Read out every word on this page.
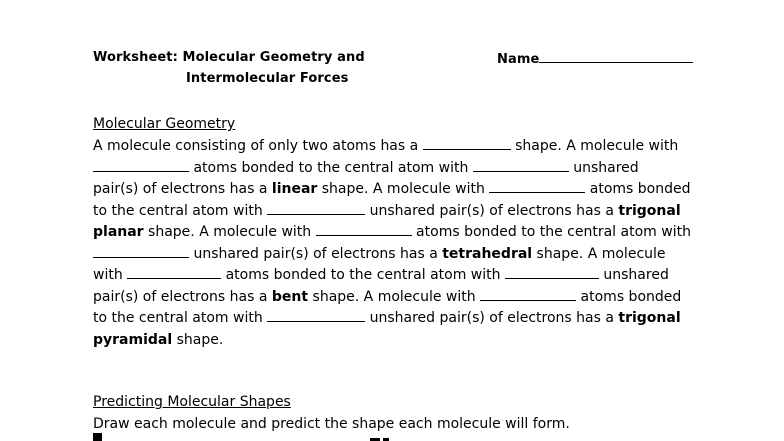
Worksheet: Molecular Geometry and
Intermolecular Forces
Name
Molecular Geometry
A molecule consisting of only two atoms has a	shape. A molecule with
atoms bonded to the central atom with	unshared
pair(s) of electrons has a linear shape. A molecule with	atoms bonded
to the central atom with	unshared pair(s) of electrons has a trigonal
planar shape. A molecule with	atoms bonded to the central atom with
unshared pair(s) of electrons has a tetrahedral shape. A molecule
with	atoms bonded to the central atom with	unshared
pair(s) of electrons has a bent shape. A molecule with	atoms bonded
to the central atom with	unshared pair(s) of electrons has a trigonal
pyramidal shape.
Predicting Molecular Shapes
Draw each molecule and predict the shape each molecule will form.
